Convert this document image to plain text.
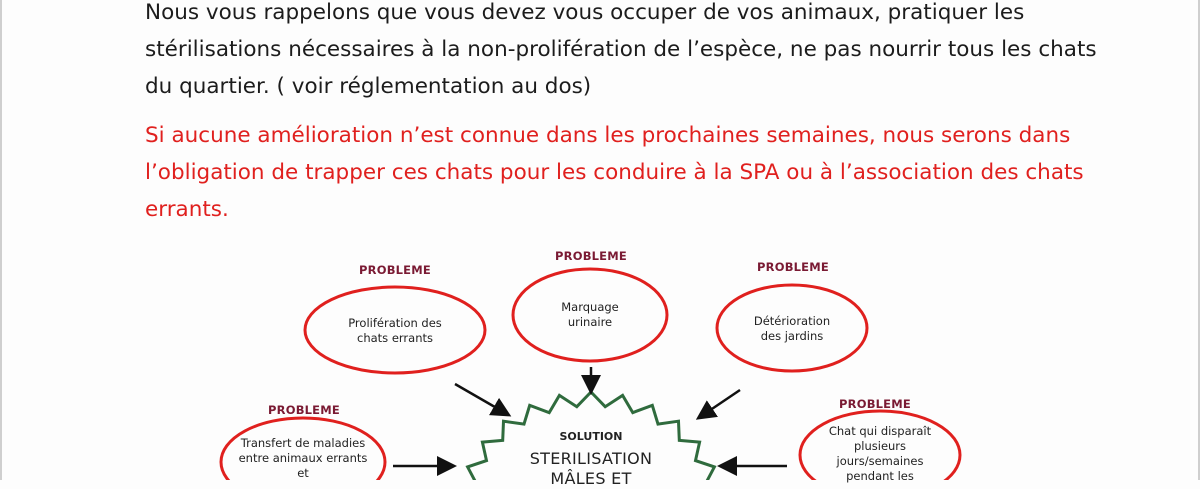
Nous vous rappelons que vous devez vous occuper de vos animaux, pratiquer les stérilisations nécessaires à la non-prolifération de l’espèce, ne pas nourrir tous les chats du quartier. ( voir réglementation au dos)
Si aucune amélioration n’est connue dans les prochaines semaines, nous serons dans l’obligation de trapper ces chats pour les conduire à la SPA ou à l’association des chats errants.
PROBLEME
Prolifération des chats errants
PROBLEME
Marquage urinaire
PROBLEME
Détérioration des jardins
PROBLEME
Transfert de maladies entre animaux errants et
PROBLEME
Chat qui disparaît plusieurs jours/semaines pendant les
SOLUTION
STERILISATION MÂLES ET
